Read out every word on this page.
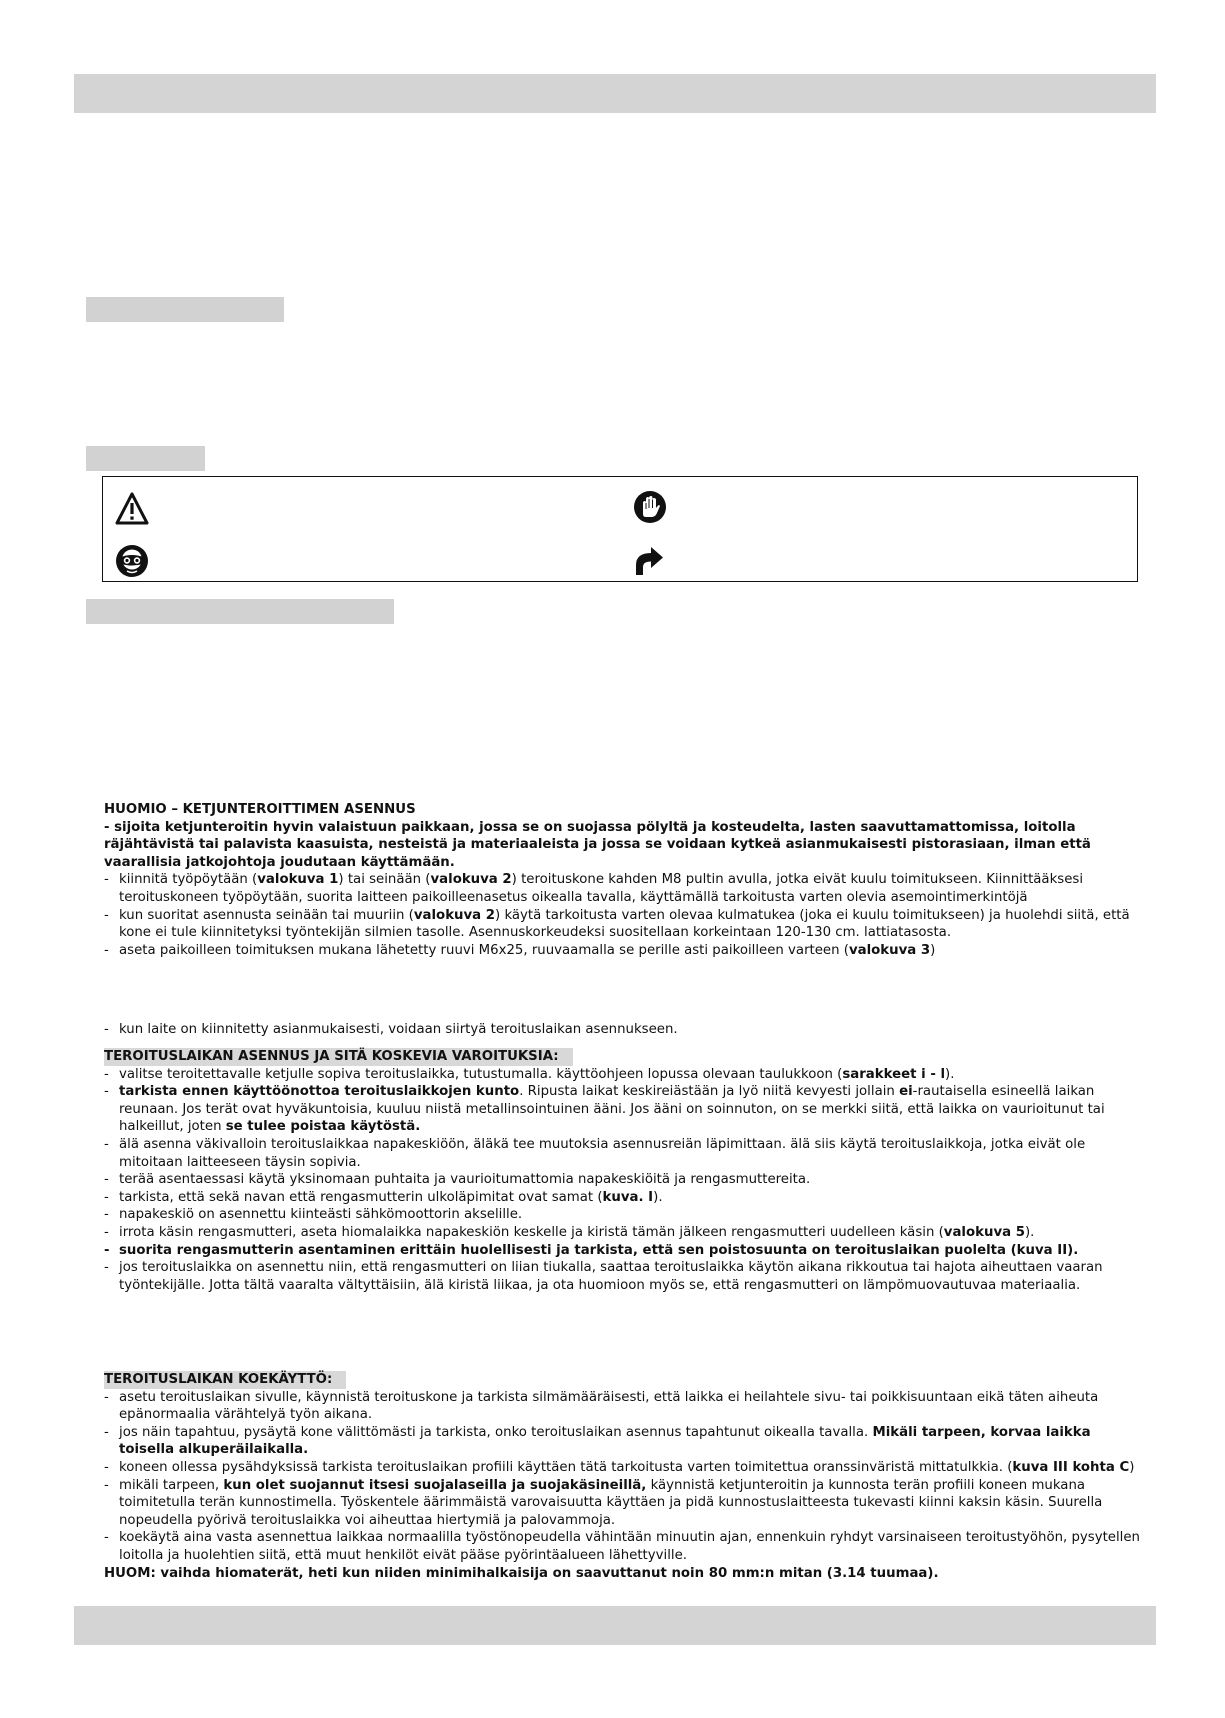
HUOMIO – KETJUNTEROITTIMEN ASENNUS
- sijoita ketjunteroitin hyvin valaistuun paikkaan, jossa se on suojassa pölyltä ja kosteudelta, lasten saavuttamattomissa, loitolla räjähtävistä tai palavista kaasuista, nesteistä ja materiaaleista ja jossa se voidaan kytkeä asianmukaisesti pistorasiaan, ilman että vaarallisia jatkojohtoja joudutaan käyttämään.
- kiinnitä työpöytään (valokuva 1) tai seinään (valokuva 2) teroituskone kahden M8 pultin avulla, jotka eivät kuulu toimitukseen. Kiinnittääksesi teroituskoneen työpöytään, suorita laitteen paikoilleenasetus oikealla tavalla, käyttämällä tarkoitusta varten olevia asemointimerkintöjä
- kun suoritat asennusta seinään tai muuriin (valokuva 2) käytä tarkoitusta varten olevaa kulmatukea (joka ei kuulu toimitukseen) ja huolehdi siitä, että kone ei tule kiinnitetyksi työntekijän silmien tasolle. Asennuskorkeudeksi suositellaan korkeintaan 120-130 cm. lattiatasosta.
- aseta paikoilleen toimituksen mukana lähetetty ruuvi M6x25, ruuvaamalla se perille asti paikoilleen varteen (valokuva 3)
- kun laite on kiinnitetty asianmukaisesti, voidaan siirtyä teroituslaikan asennukseen.
TEROITUSLAIKAN ASENNUS JA SITÄ KOSKEVIA VAROITUKSIA:
- valitse teroitettavalle ketjulle sopiva teroituslaikka, tutustumalla. käyttöohjeen lopussa olevaan taulukkoon (sarakkeet i - l).
- tarkista ennen käyttöönottoa teroituslaikkojen kunto. Ripusta laikat keskireiästään ja lyö niitä kevyesti jollain ei-rautaisella esineellä laikan reunaan. Jos terät ovat hyväkuntoisia, kuuluu niistä metallinsointuinen ääni. Jos ääni on soinnuton, on se merkki siitä, että laikka on vaurioitunut tai halkeillut, joten se tulee poistaa käytöstä.
- älä asenna väkivalloin teroituslaikkaa napakeskiöön, äläkä tee muutoksia asennusreiän läpimittaan. älä siis käytä teroituslaikkoja, jotka eivät ole mitoitaan laitteeseen täysin sopivia.
- terää asentaessasi käytä yksinomaan puhtaita ja vaurioitumattomia napakeskiöitä ja rengasmuttereita.
- tarkista, että sekä navan että rengasmutterin ulkoläpimitat ovat samat (kuva. I).
- napakeskiö on asennettu kiinteästi sähkömoottorin akselille.
- irrota käsin rengasmutteri, aseta hiomalaikka napakeskiön keskelle ja kiristä tämän jälkeen rengasmutteri uudelleen käsin (valokuva 5).
- suorita rengasmutterin asentaminen erittäin huolellisesti ja tarkista, että sen poistosuunta on teroituslaikan puolelta (kuva II).
- jos teroituslaikka on asennettu niin, että rengasmutteri on liian tiukalla, saattaa teroituslaikka käytön aikana rikkoutua tai hajota aiheuttaen vaaran työntekijälle. Jotta tältä vaaralta vältyttäisiin, älä kiristä liikaa, ja ota huomioon myös se, että rengasmutteri on lämpömuovautuvaa materiaalia.
TEROITUSLAIKAN KOEKÄYTTÖ:
- asetu teroituslaikan sivulle, käynnistä teroituskone ja tarkista silmämääräisesti, että laikka ei heilahtele sivu- tai poikkisuuntaan eikä täten aiheuta epänormaalia värähtelyä työn aikana.
- jos näin tapahtuu, pysäytä kone välittömästi ja tarkista, onko teroituslaikan asennus tapahtunut oikealla tavalla. Mikäli tarpeen, korvaa laikka toisella alkuperäilaikalla.
- koneen ollessa pysähdyksissä tarkista teroituslaikan profiili käyttäen tätä tarkoitusta varten toimitettua oranssinväristä mittatulkkia. (kuva III kohta C)
- mikäli tarpeen, kun olet suojannut itsesi suojalaseilla ja suojakäsineillä, käynnistä ketjunteroitin ja kunnosta terän profiili koneen mukana toimitetulla terän kunnostimella. Työskentele äärimmäistä varovaisuutta käyttäen ja pidä kunnostuslaitteesta tukevasti kiinni kaksin käsin. Suurella nopeudella pyörivä teroituslaikka voi aiheuttaa hiertymiä ja palovammoja.
- koekäytä aina vasta asennettua laikkaa normaalilla työstönopeudella vähintään minuutin ajan, ennenkuin ryhdyt varsinaiseen teroitustyöhön, pysytellen loitolla ja huolehtien siitä, että muut henkilöt eivät pääse pyörintäalueen lähettyville.
HUOM: vaihda hiomaterät, heti kun niiden minimihalkaisija on saavuttanut noin 80 mm:n mitan (3.14 tuumaa).
